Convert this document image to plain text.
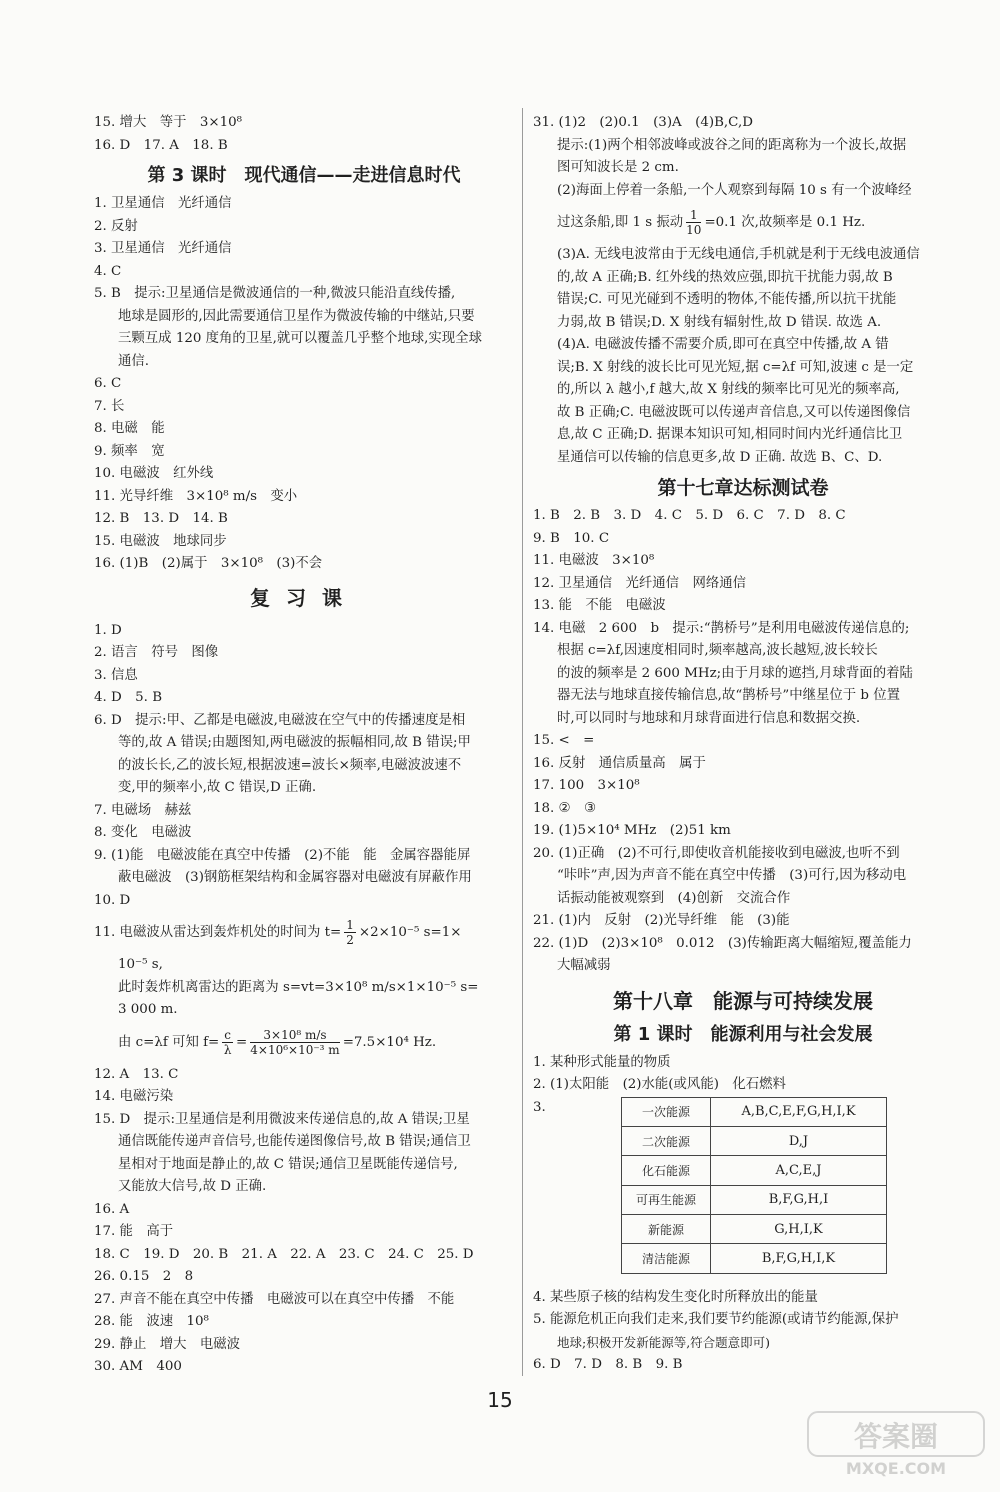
15. 增大　等于　3×10⁸
16. D　17. A　18. B
第 3 课时　现代通信——走进信息时代
1. 卫星通信　光纤通信
2. 反射
3. 卫星通信　光纤通信
4. C
5. B　提示:卫星通信是微波通信的一种,微波只能沿直线传播,
地球是圆形的,因此需要通信卫星作为微波传输的中继站,只要
三颗互成 120 度角的卫星,就可以覆盖几乎整个地球,实现全球
通信.
6. C
7. 长
8. 电磁　能
9. 频率　宽
10. 电磁波　红外线
11. 光导纤维　3×10⁸ m/s　变小
12. B　13. D　14. B
15. 电磁波　地球同步
16. (1)B　(2)属于　3×10⁸　(3)不会
复习课
1. D
2. 语言　符号　图像
3. 信息
4. D　5. B
6. D　提示:甲、乙都是电磁波,电磁波在空气中的传播速度是相
等的,故 A 错误;由题图知,两电磁波的振幅相同,故 B 错误;甲
的波长长,乙的波长短,根据波速=波长×频率,电磁波波速不
变,甲的频率小,故 C 错误,D 正确.
7. 电磁场　赫兹
8. 变化　电磁波
9. (1)能　电磁波能在真空中传播　(2)不能　能　金属容器能屏
蔽电磁波　(3)钢筋框架结构和金属容器对电磁波有屏蔽作用
10. D
11. 电磁波从雷达到轰炸机处的时间为 $t= \frac{1}{2} \times 2\times 10^{-5}$ s=1×
10⁻⁵ s,
此时轰炸机离雷达的距离为 s=vt=3×10⁸ m/s×1×10⁻⁵ s=
3 000 m.
由 c=λf 可知 $f= \frac{c}{\lambda} = \frac{\text{3×10⁸ m/s}}{\text{4×10⁶×10⁻³ m}} =7.5\times 10^4$ Hz.
12. A　13. C
14. 电磁污染
15. D　提示:卫星通信是利用微波来传递信息的,故 A 错误;卫星
通信既能传递声音信号,也能传递图像信号,故 B 错误;通信卫
星相对于地面是静止的,故 C 错误;通信卫星既能传递信号,
又能放大信号,故 D 正确.
16. A
17. 能　高于
18. C　19. D　20. B　21. A　22. A　23. C　24. C　25. D
26. 0.15　2　8
27. 声音不能在真空中传播　电磁波可以在真空中传播　不能
28. 能　波速　10⁸
29. 静止　增大　电磁波
30. AM　400
31. (1)2　(2)0.1　(3)A　(4)B,C,D
提示:(1)两个相邻波峰或波谷之间的距离称为一个波长,故据
图可知波长是 2 cm.
(2)海面上停着一条船,一个人观察到每隔 10 s 有一个波峰经
过这条船,即 1 s 振动 $\frac{1}{10} =0.1$ 次,故频率是 0.1 Hz.
(3)A. 无线电波常由于无线电通信,手机就是利于无线电波通信
的,故 A 正确;B. 红外线的热效应强,即抗干扰能力弱,故 B
错误;C. 可见光碰到不透明的物体,不能传播,所以抗干扰能
力弱,故 B 错误;D. X 射线有辐射性,故 D 错误. 故选 A.
(4)A. 电磁波传播不需要介质,即可在真空中传播,故 A 错
误;B. X 射线的波长比可见光短,据 c=λf 可知,波速 c 是一定
的,所以 λ 越小,f 越大,故 X 射线的频率比可见光的频率高,
故 B 正确;C. 电磁波既可以传递声音信息,又可以传递图像信
息,故 C 正确;D. 据课本知识可知,相同时间内光纤通信比卫
星通信可以传输的信息更多,故 D 正确. 故选 B、C、D.
第十七章达标测试卷
1. B　2. B　3. D　4. C　5. D　6. C　7. D　8. C
9. B　10. C
11. 电磁波　3×10⁸
12. 卫星通信　光纤通信　网络通信
13. 能　不能　电磁波
14. 电磁　2 600　b　提示:“鹊桥号”是利用电磁波传递信息的;
根据 c=λf,因速度相同时,频率越高,波长越短,波长较长
的波的频率是 2 600 MHz;由于月球的遮挡,月球背面的着陆
器无法与地球直接传输信息,故“鹊桥号”中继星位于 b 位置
时,可以同时与地球和月球背面进行信息和数据交换.
15. <　=
16. 反射　通信质量高　属于
17. 100　3×10⁸
18. ②　③
19. (1)5×10⁴ MHz　(2)51 km
20. (1)正确　(2)不可行,即使收音机能接收到电磁波,也听不到
“咔咔”声,因为声音不能在真空中传播　(3)可行,因为移动电
话振动能被观察到　(4)创新　交流合作
21. (1)内　反射　(2)光导纤维　能　(3)能
22. (1)D　(2)3×10⁸　0.012　(3)传输距离大幅缩短,覆盖能力
大幅减弱
第十八章　能源与可持续发展
第 1 课时　能源利用与社会发展
1. 某种形式能量的物质
2. (1)太阳能　(2)水能(或风能)　化石燃料
3.	一次能源	A,B,C,E,F,G,H,I,K
二次能源	D,J
化石能源	A,C,E,J
可再生能源	B,F,G,H,I
新能源	G,H,I,K
清洁能源	B,F,G,H,I,K
4. 某些原子核的结构发生变化时所释放出的能量
5. 能源危机正向我们走来,我们要节约能源(或请节约能源,保护
地球;积极开发新能源等,符合题意即可)
6. D　7. D　8. B　9. B
15
答案圈
MXQE.COM
